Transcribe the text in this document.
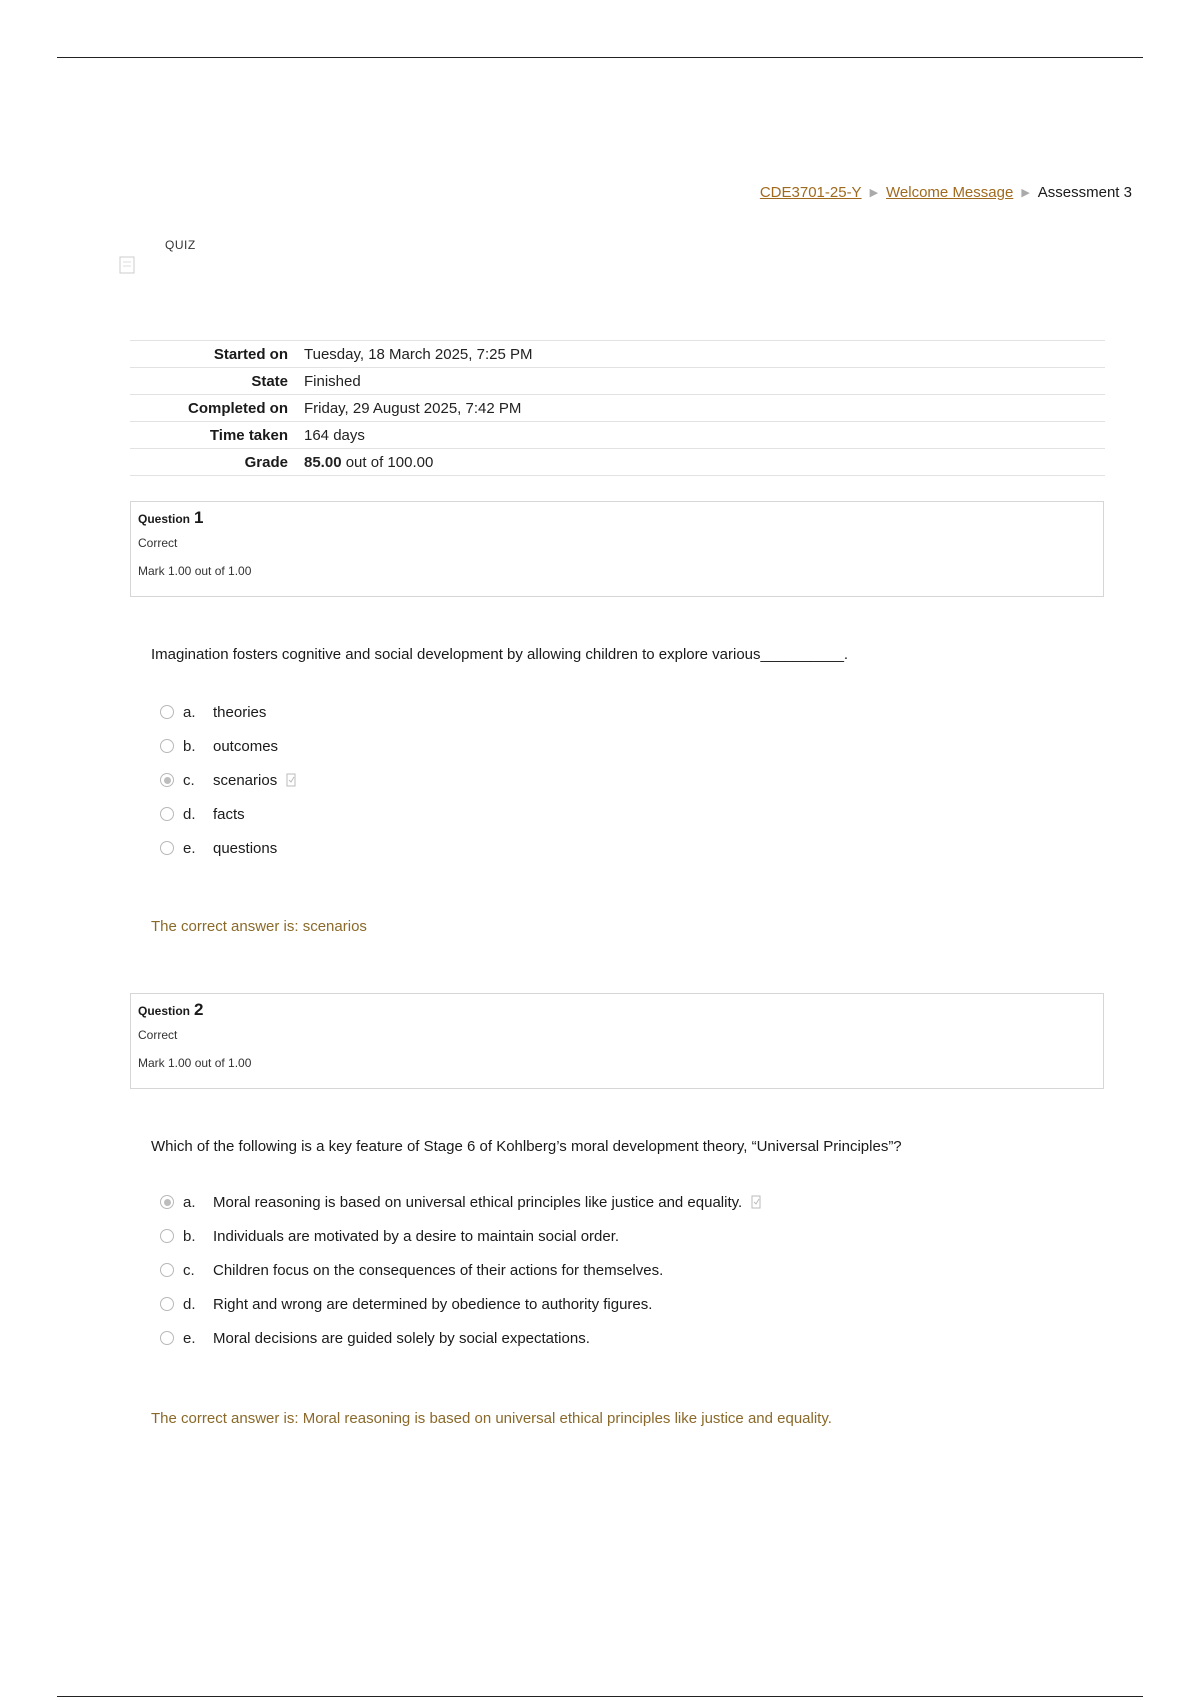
CDE3701-25-Y ▶ Welcome Message ▶ Assessment 3
QUIZ
Started on	Tuesday, 18 March 2025, 7:25 PM
State	Finished
Completed on	Friday, 29 August 2025, 7:42 PM
Time taken	164 days
Grade	85.00 out of 100.00
Question 1
Correct
Mark 1.00 out of 1.00
Imagination fosters cognitive and social development by allowing children to explore various__________.
a.	theories
b.	outcomes
c.	scenarios
d.	facts
e.	questions
The correct answer is: scenarios
Question 2
Correct
Mark 1.00 out of 1.00
Which of the following is a key feature of Stage 6 of Kohlberg’s moral development theory, “Universal Principles”?
a.	Moral reasoning is based on universal ethical principles like justice and equality.
b.	Individuals are motivated by a desire to maintain social order.
c.	Children focus on the consequences of their actions for themselves.
d.	Right and wrong are determined by obedience to authority figures.
e.	Moral decisions are guided solely by social expectations.
The correct answer is: Moral reasoning is based on universal ethical principles like justice and equality.
